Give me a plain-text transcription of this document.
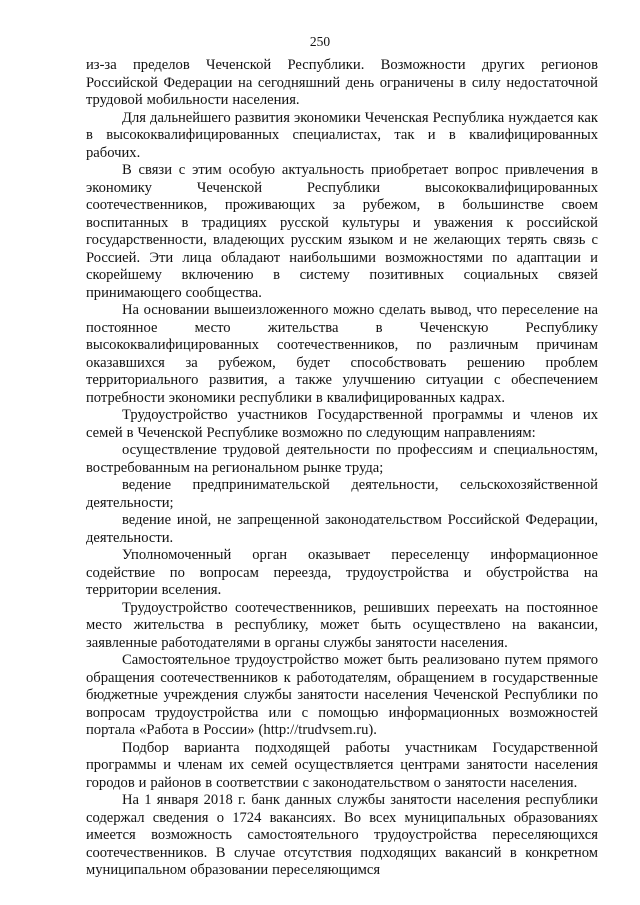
250

из-за пределов Чеченской Республики. Возможности других регионов Российской Федерации на сегодняшний день ограничены в силу недостаточной трудовой мобильности населения.

Для дальнейшего развития экономики Чеченская Республика нуждается как в высококвалифицированных специалистах, так и в квалифицированных рабочих.

В связи с этим особую актуальность приобретает вопрос привлечения в экономику Чеченской Республики высококвалифицированных соотечественников, проживающих за рубежом, в большинстве своем воспитанных в традициях русской культуры и уважения к российской государственности, владеющих русским языком и не желающих терять связь с Россией. Эти лица обладают наибольшими возможностями по адаптации и скорейшему включению в систему позитивных социальных связей принимающего сообщества.

На основании вышеизложенного можно сделать вывод, что переселение на постоянное место жительства в Чеченскую Республику высококвалифицированных соотечественников, по различным причинам оказавшихся за рубежом, будет способствовать решению проблем территориального развития, а также улучшению ситуации с обеспечением потребности экономики республики в квалифицированных кадрах.

Трудоустройство участников Государственной программы и членов их семей в Чеченской Республике возможно по следующим направлениям:

осуществление трудовой деятельности по профессиям и специальностям, востребованным на региональном рынке труда;

ведение предпринимательской деятельности, сельскохозяйственной деятельности;

ведение иной, не запрещенной законодательством Российской Федерации, деятельности.

Уполномоченный орган оказывает переселенцу информационное содействие по вопросам переезда, трудоустройства и обустройства на территории вселения.

Трудоустройство соотечественников, решивших переехать на постоянное место жительства в республику, может быть осуществлено на вакансии, заявленные работодателями в органы службы занятости населения.

Самостоятельное трудоустройство может быть реализовано путем прямого обращения соотечественников к работодателям, обращением в государственные бюджетные учреждения службы занятости населения Чеченской Республики по вопросам трудоустройства или с помощью информационных возможностей портала «Работа в России» (http://trudvsem.ru).

Подбор варианта подходящей работы участникам Государственной программы и членам их семей осуществляется центрами занятости населения городов и районов в соответствии с законодательством о занятости населения.

На 1 января 2018 г. банк данных службы занятости населения республики содержал сведения о 1724 вакансиях. Во всех муниципальных образованиях имеется возможность самостоятельного трудоустройства переселяющихся соотечественников. В случае отсутствия подходящих вакансий в конкретном муниципальном образовании переселяющимся
